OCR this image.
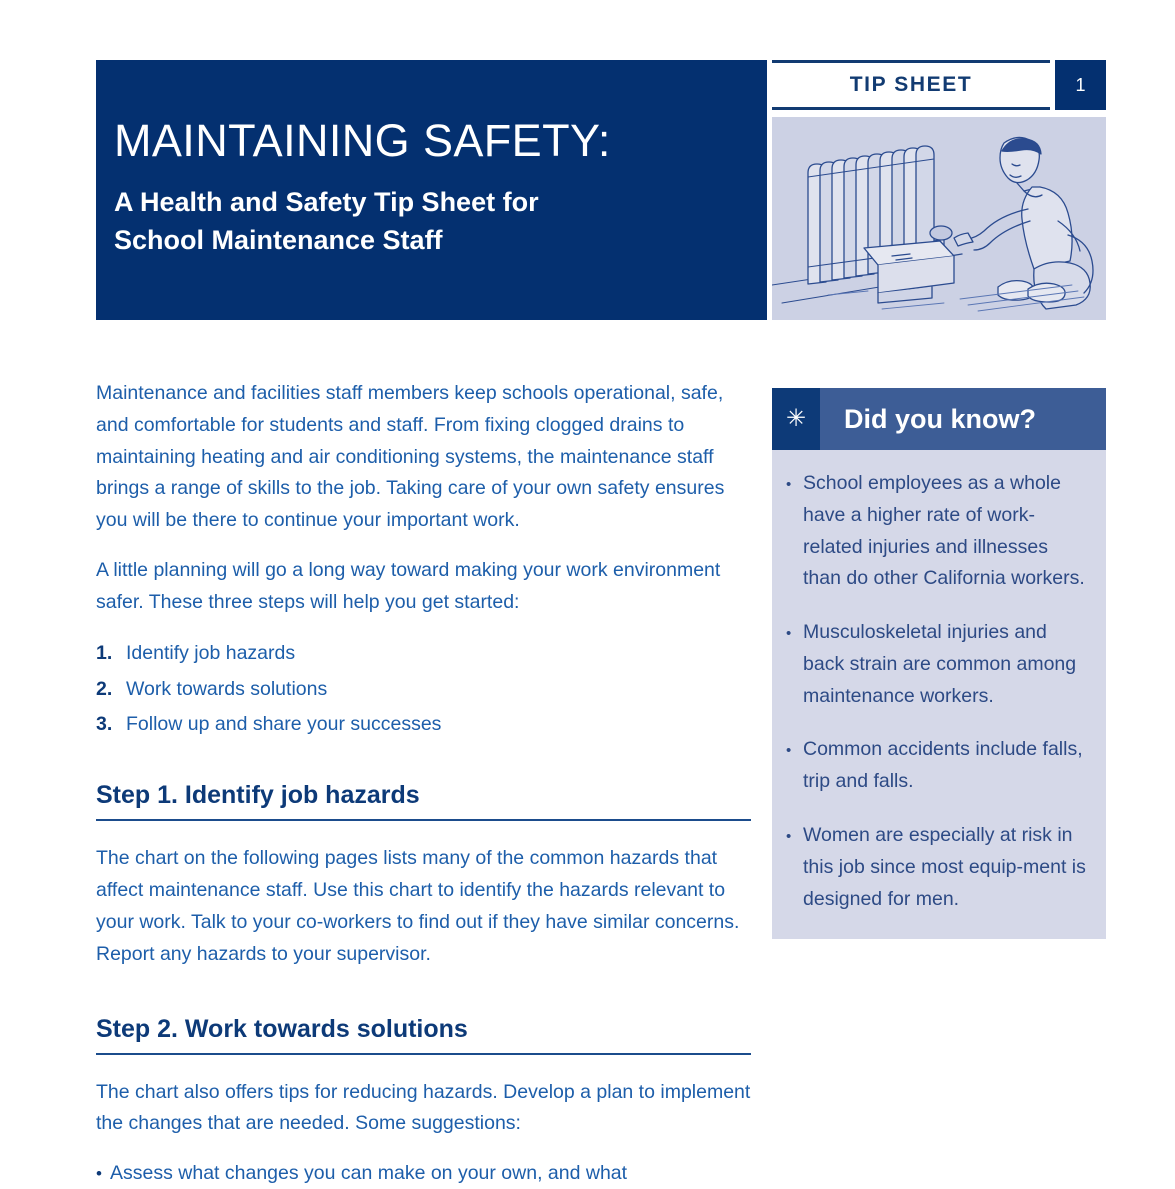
MAINTAINING SAFETY:
A Health and Safety Tip Sheet for
School Maintenance Staff
TIP SHEET	1

Maintenance and facilities staff members keep schools operational, safe, and comfortable for students and staff. From fixing clogged drains to maintaining heating and air conditioning systems, the maintenance staff brings a range of skills to the job. Taking care of your own safety ensures you will be there to continue your important work.

A little planning will go a long way toward making your work environment safer. These three steps will help you get started:

1. Identify job hazards
2. Work towards solutions
3. Follow up and share your successes
Step 1. Identify job hazards

The chart on the following pages lists many of the common hazards that affect maintenance staff. Use this chart to identify the hazards relevant to your work. Talk to your co-workers to find out if they have similar concerns. Report any hazards to your supervisor.

Step 2. Work towards solutions

The chart also offers tips for reducing hazards. Develop a plan to implement the changes that are needed. Some suggestions:

• Assess what changes you can make on your own, and what
✳	Did you know?
• School employees as a whole have a higher rate of work-related injuries and illnesses than do other California workers.
• Musculoskeletal injuries and back strain are common among maintenance workers.
• Common accidents include falls, trip and falls.
• Women are especially at risk in this job since most equip-ment is designed for men.
